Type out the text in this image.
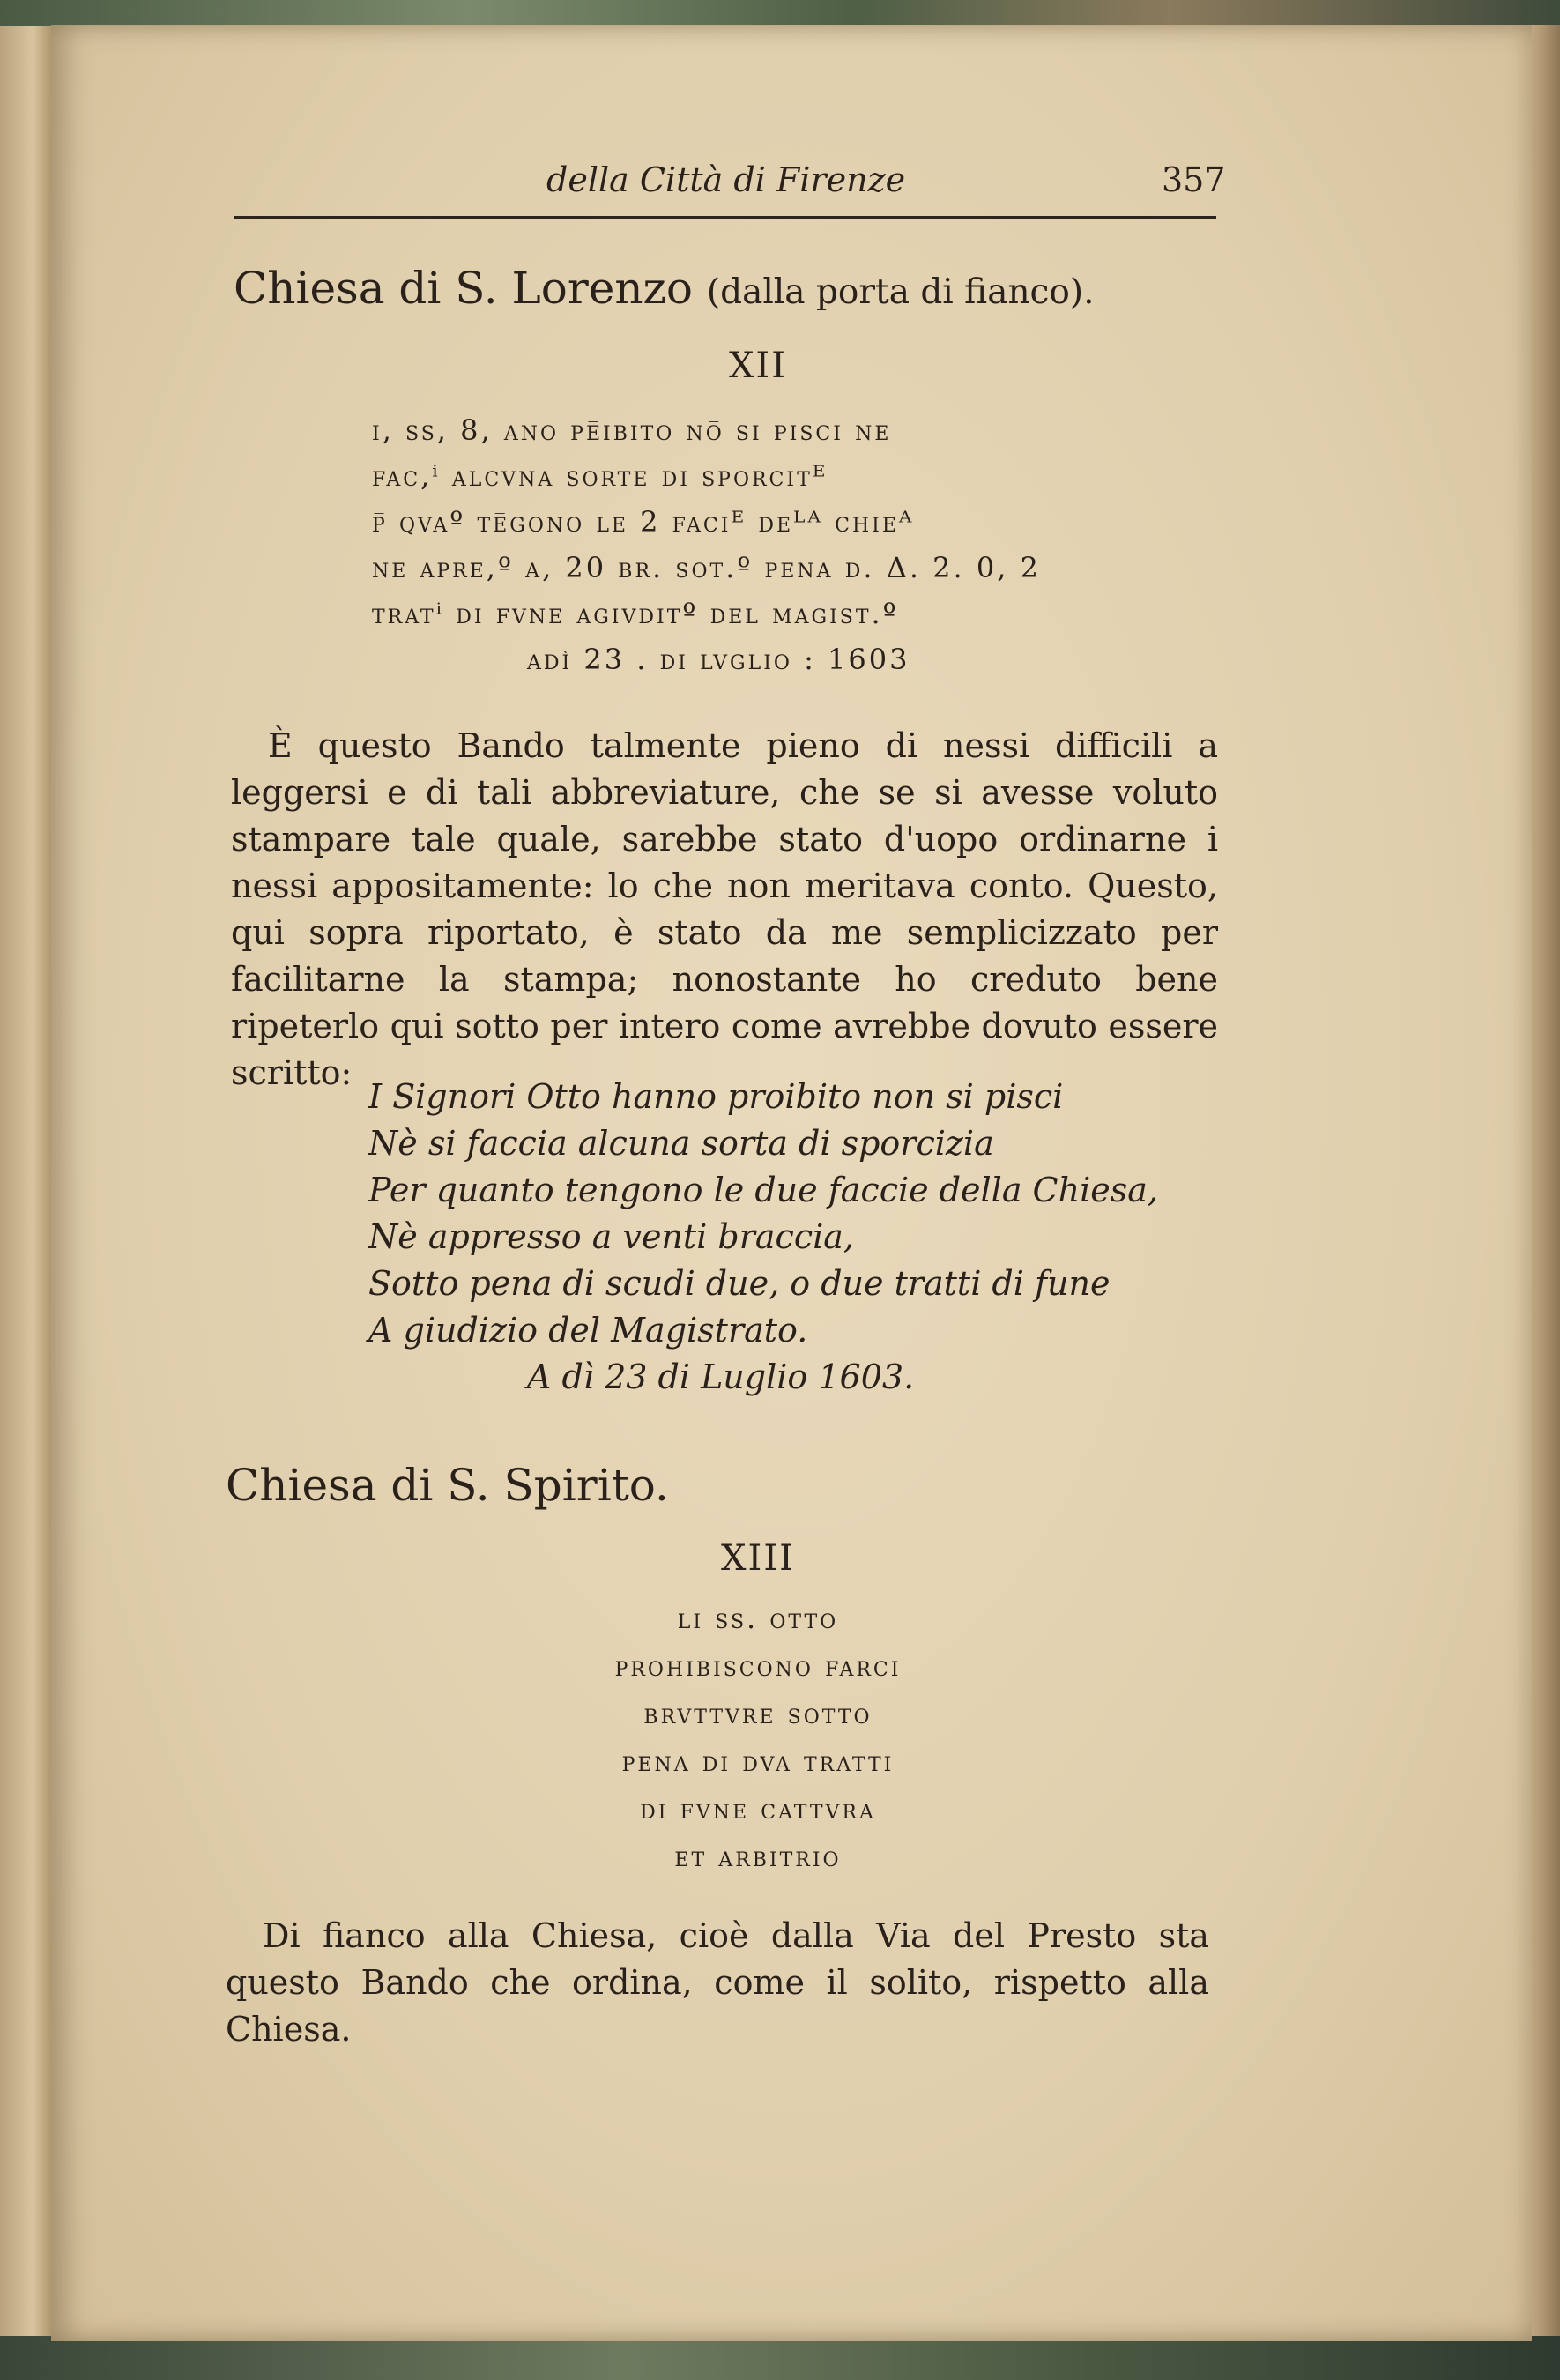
della Città di Firenze	357
Chiesa di S. Lorenzo (dalla porta di fianco).
XII
i, ss, 8, ano pe̅ibito no̅ si pisci ne
fac,ⁱ alcvna sorte di sporcitᴱ
p̅ qvaº te̅gono le 2 faciᴱ deᴸᴬ chieᴬ
ne apre,º a, 20 br. sot.º pena d. Δ. 2. 0, 2
tratⁱ di fvne agivditº del magist.º
adì 23 . di lvglio : 1603
È questo Bando talmente pieno di nessi difficili a leggersi e di tali abbreviature, che se si avesse voluto stampare tale quale, sarebbe stato d'uopo ordinarne i nessi appositamente: lo che non meritava conto. Questo, qui sopra riportato, è stato da me semplicizzato per facilitarne la stampa; nonostante ho creduto bene ripeterlo qui sotto per intero come avrebbe dovuto essere scritto:
I Signori Otto hanno proibito non si pisci
Nè si faccia alcuna sorta di sporcizia
Per quanto tengono le due faccie della Chiesa,
Nè appresso a venti braccia,
Sotto pena di scudi due, o due tratti di fune
A giudizio del Magistrato.
A dì 23 di Luglio 1603.
Chiesa di S. Spirito.
XIII
li ss. otto
prohibiscono farci
brvttvre sotto
pena di dva tratti
di fvne cattvra
et arbitrio
Di fianco alla Chiesa, cioè dalla Via del Presto sta questo Bando che ordina, come il solito, rispetto alla Chiesa.
